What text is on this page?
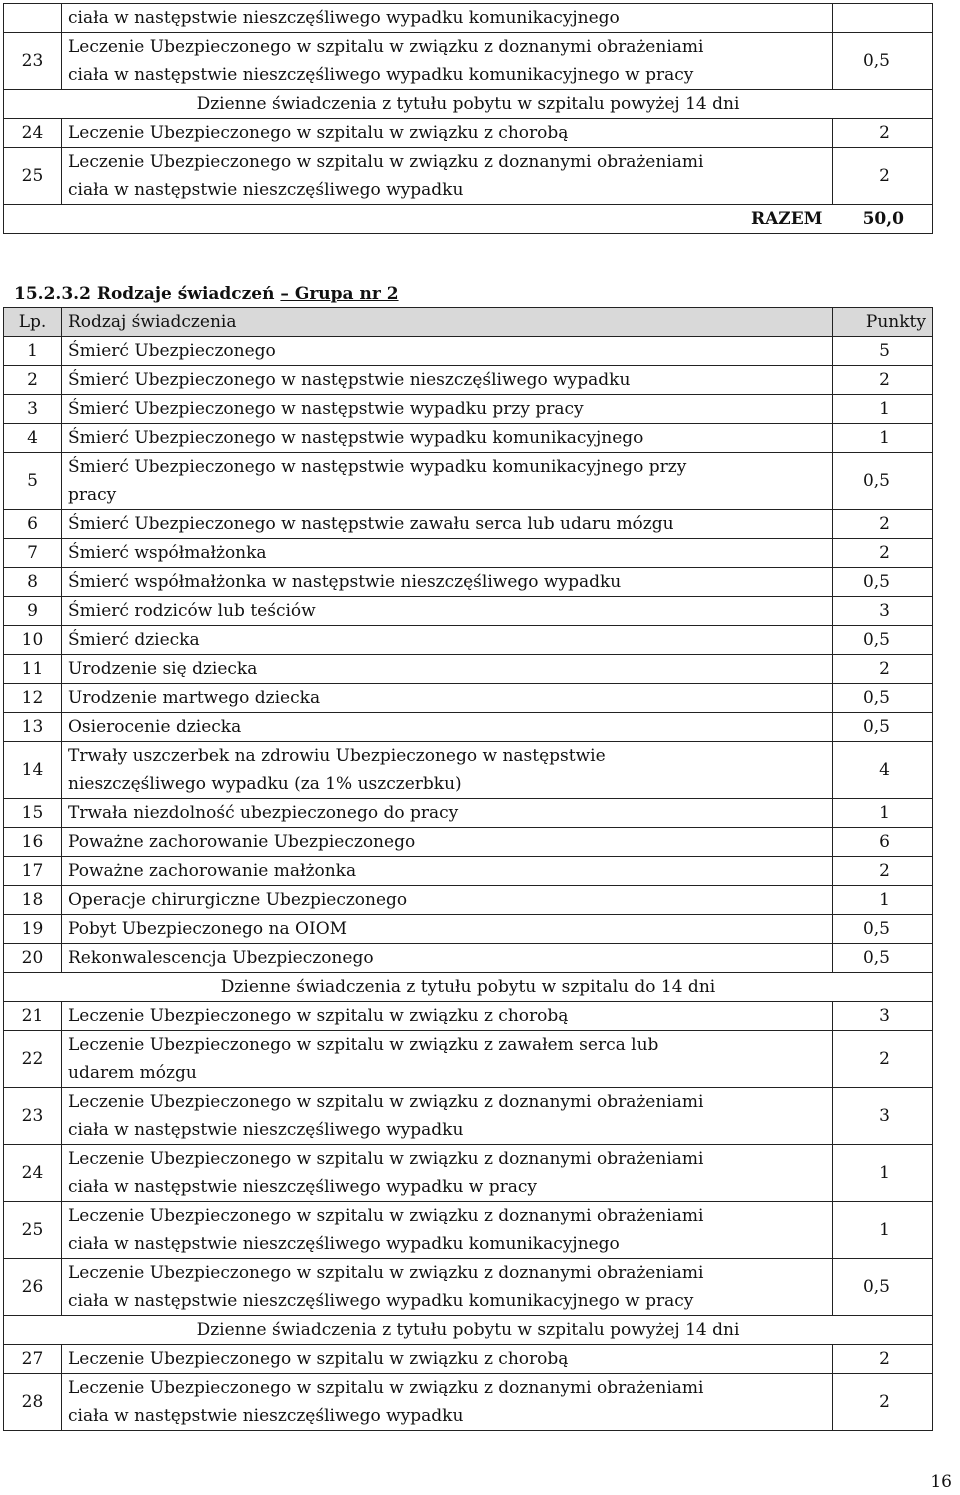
	ciała w następstwie nieszczęśliwego wypadku komunikacyjnego	
23	Leczenie Ubezpieczonego w szpitalu w związku z doznanymi obrażeniami
ciała w następstwie nieszczęśliwego wypadku komunikacyjnego w pracy	0,5
Dzienne świadczenia z tytułu pobytu w szpitalu powyżej 14 dni		
24	Leczenie Ubezpieczonego w szpitalu w związku z chorobą	2
25	Leczenie Ubezpieczonego w szpitalu w związku z doznanymi obrażeniami
ciała w następstwie nieszczęśliwego wypadku	2
RAZEM		50,0
15.2.3.2 Rodzaje świadczeń – Grupa nr 2
Lp.	Rodzaj świadczenia	Punkty
1	Śmierć Ubezpieczonego	5
2	Śmierć Ubezpieczonego w następstwie nieszczęśliwego wypadku	2
3	Śmierć Ubezpieczonego w następstwie wypadku przy pracy	1
4	Śmierć Ubezpieczonego w następstwie wypadku komunikacyjnego	1
5	Śmierć Ubezpieczonego w następstwie wypadku komunikacyjnego przy
pracy	0,5
6	Śmierć Ubezpieczonego w następstwie zawału serca lub udaru mózgu	2
7	Śmierć współmałżonka	2
8	Śmierć współmałżonka w następstwie nieszczęśliwego wypadku	0,5
9	Śmierć rodziców lub teściów	3
10	Śmierć dziecka	0,5
11	Urodzenie się dziecka	2
12	Urodzenie martwego dziecka	0,5
13	Osierocenie dziecka	0,5
14	Trwały uszczerbek na zdrowiu Ubezpieczonego w następstwie
nieszczęśliwego wypadku (za 1% uszczerbku)	4
15	Trwała niezdolność ubezpieczonego do pracy	1
16	Poważne zachorowanie Ubezpieczonego	6
17	Poważne zachorowanie małżonka	2
18	Operacje chirurgiczne Ubezpieczonego	1
19	Pobyt Ubezpieczonego na OIOM	0,5
20	Rekonwalescencja Ubezpieczonego	0,5
Dzienne świadczenia z tytułu pobytu w szpitalu do 14 dni		
21	Leczenie Ubezpieczonego w szpitalu w związku z chorobą	3
22	Leczenie Ubezpieczonego w szpitalu w związku z zawałem serca lub
udarem mózgu	2
23	Leczenie Ubezpieczonego w szpitalu w związku z doznanymi obrażeniami
ciała w następstwie nieszczęśliwego wypadku	3
24	Leczenie Ubezpieczonego w szpitalu w związku z doznanymi obrażeniami
ciała w następstwie nieszczęśliwego wypadku w pracy	1
25	Leczenie Ubezpieczonego w szpitalu w związku z doznanymi obrażeniami
ciała w następstwie nieszczęśliwego wypadku komunikacyjnego	1
26	Leczenie Ubezpieczonego w szpitalu w związku z doznanymi obrażeniami
ciała w następstwie nieszczęśliwego wypadku komunikacyjnego w pracy	0,5
Dzienne świadczenia z tytułu pobytu w szpitalu powyżej 14 dni		
27	Leczenie Ubezpieczonego w szpitalu w związku z chorobą	2
28	Leczenie Ubezpieczonego w szpitalu w związku z doznanymi obrażeniami
ciała w następstwie nieszczęśliwego wypadku	2
16
